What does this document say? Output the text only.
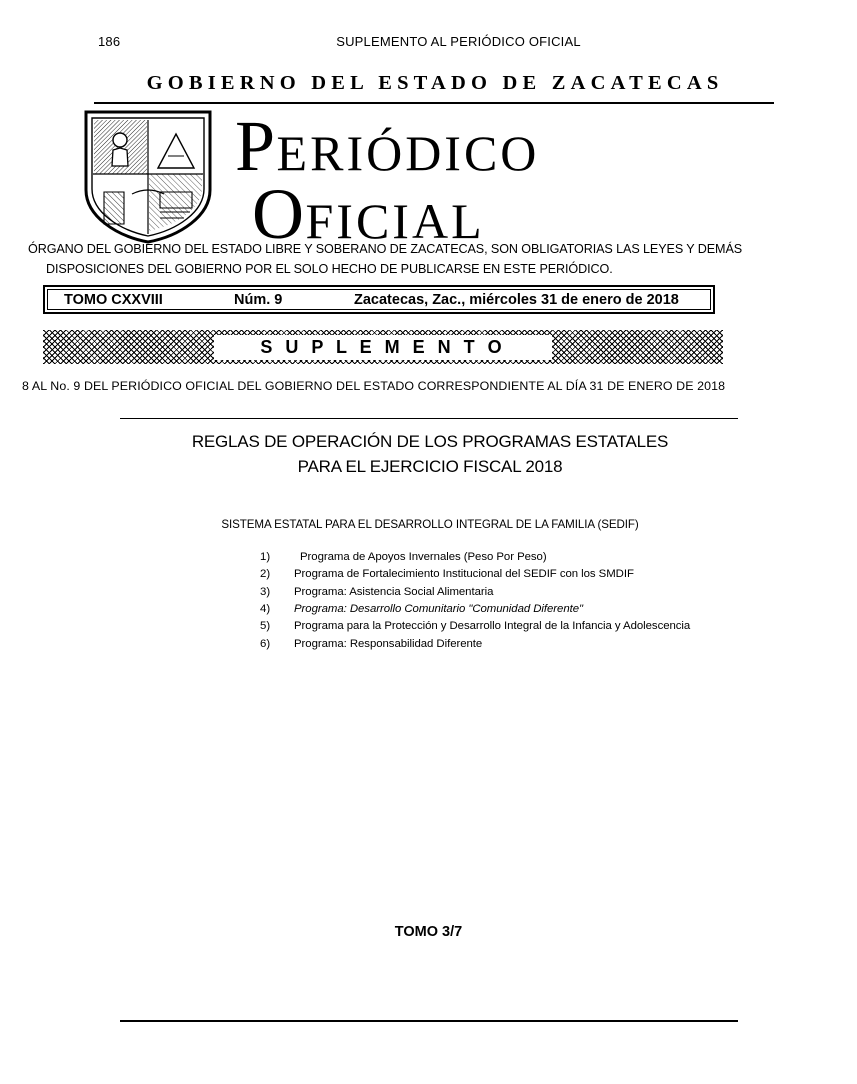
186	SUPLEMENTO AL PERIÓDICO OFICIAL
GOBIERNO DEL ESTADO DE ZACATECAS
PERIÓDICO
OFICIAL
ÓRGANO DEL GOBIERNO DEL ESTADO LIBRE Y SOBERANO DE ZACATECAS, SON OBLIGATORIAS LAS LEYES Y DEMÁS
DISPOSICIONES DEL GOBIERNO POR EL SOLO HECHO DE PUBLICARSE EN ESTE PERIÓDICO.
TOMO CXXVIII	Núm. 9	Zacatecas, Zac., miércoles 31 de enero de 2018
S U P L E M E N T O
8 AL No. 9 DEL PERIÓDICO OFICIAL DEL GOBIERNO DEL ESTADO CORRESPONDIENTE AL DÍA 31 DE ENERO DE 2018
REGLAS DE OPERACIÓN DE LOS PROGRAMAS ESTATALES
PARA EL EJERCICIO FISCAL 2018
SISTEMA ESTATAL PARA EL DESARROLLO INTEGRAL DE LA FAMILIA (SEDIF)
1)	Programa de Apoyos Invernales (Peso Por Peso)
2)	Programa de Fortalecimiento Institucional del SEDIF con los SMDIF
3)	Programa: Asistencia Social Alimentaria
4)	Programa: Desarrollo Comunitario "Comunidad Diferente"
5)	Programa para la Protección y Desarrollo Integral de la Infancia y Adolescencia
6)	Programa: Responsabilidad Diferente
TOMO 3/7
